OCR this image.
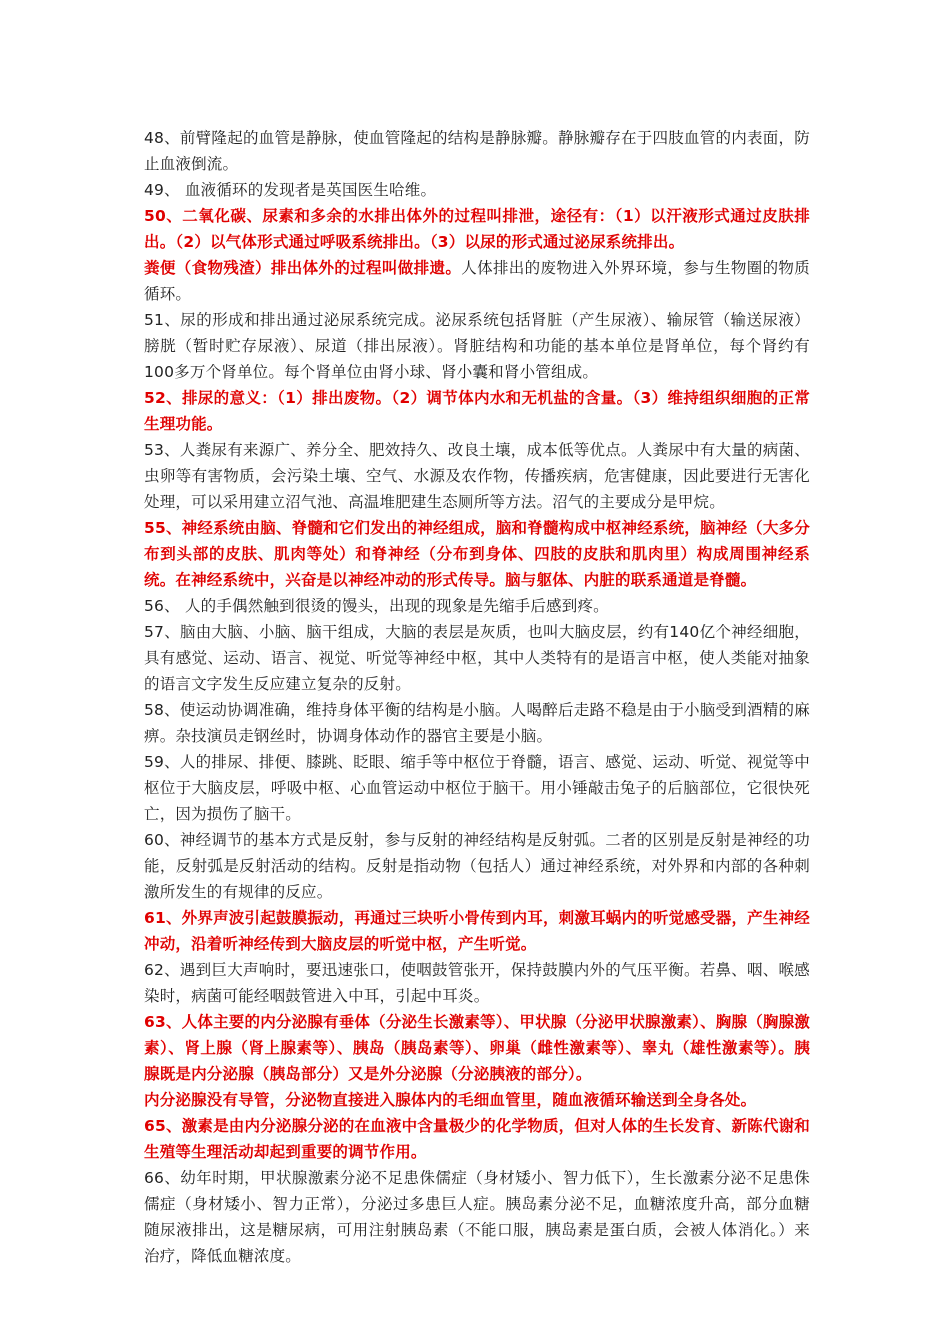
48、前臂隆起的血管是静脉，使血管隆起的结构是静脉瓣。静脉瓣存在于四肢血管的内表面，防止血液倒流。

49、 血液循环的发现者是英国医生哈维。

50、二氧化碳、尿素和多余的水排出体外的过程叫排泄，途径有：（1）以汗液形式通过皮肤排出。（2）以气体形式通过呼吸系统排出。（3）以尿的形式通过泌尿系统排出。

粪便（食物残渣）排出体外的过程叫做排遗。人体排出的废物进入外界环境，参与生物圈的物质循环。

51、尿的形成和排出通过泌尿系统完成。泌尿系统包括肾脏（产生尿液）、输尿管（输送尿液）膀胱（暂时贮存尿液）、尿道（排出尿液）。肾脏结构和功能的基本单位是肾单位，每个肾约有100多万个肾单位。每个肾单位由肾小球、肾小囊和肾小管组成。

52、排尿的意义：（1）排出废物。（2）调节体内水和无机盐的含量。（3）维持组织细胞的正常生理功能。

53、人粪尿有来源广、养分全、肥效持久、改良土壤，成本低等优点。人粪尿中有大量的病菌、虫卵等有害物质，会污染土壤、空气、水源及农作物，传播疾病，危害健康，因此要进行无害化处理，可以采用建立沼气池、高温堆肥建生态厕所等方法。沼气的主要成分是甲烷。

55、神经系统由脑、脊髓和它们发出的神经组成，脑和脊髓构成中枢神经系统，脑神经（大多分布到头部的皮肤、肌肉等处）和脊神经（分布到身体、四肢的皮肤和肌肉里）构成周围神经系统。在神经系统中，兴奋是以神经冲动的形式传导。脑与躯体、内脏的联系通道是脊髓。

56、 人的手偶然触到很烫的馒头，出现的现象是先缩手后感到疼。

57、脑由大脑、小脑、脑干组成，大脑的表层是灰质，也叫大脑皮层，约有140亿个神经细胞，具有感觉、运动、语言、视觉、听觉等神经中枢，其中人类特有的是语言中枢，使人类能对抽象的语言文字发生反应建立复杂的反射。

58、使运动协调准确，维持身体平衡的结构是小脑。人喝醉后走路不稳是由于小脑受到酒精的麻痹。杂技演员走钢丝时，协调身体动作的器官主要是小脑。

59、人的排尿、排便、膝跳、眨眼、缩手等中枢位于脊髓，语言、感觉、运动、听觉、视觉等中枢位于大脑皮层，呼吸中枢、心血管运动中枢位于脑干。用小锤敲击兔子的后脑部位，它很快死亡，因为损伤了脑干。

60、神经调节的基本方式是反射，参与反射的神经结构是反射弧。二者的区别是反射是神经的功能，反射弧是反射活动的结构。反射是指动物（包括人）通过神经系统，对外界和内部的各种刺激所发生的有规律的反应。

61、外界声波引起鼓膜振动，再通过三块听小骨传到内耳，刺激耳蜗内的听觉感受器，产生神经冲动，沿着听神经传到大脑皮层的听觉中枢，产生听觉。

62、遇到巨大声响时，要迅速张口，使咽鼓管张开，保持鼓膜内外的气压平衡。若鼻、咽、喉感染时，病菌可能经咽鼓管进入中耳，引起中耳炎。

63、人体主要的内分泌腺有垂体（分泌生长激素等）、甲状腺（分泌甲状腺激素）、胸腺（胸腺激素）、肾上腺（肾上腺素等）、胰岛（胰岛素等）、卵巢（雌性激素等）、睾丸（雄性激素等）。胰腺既是内分泌腺（胰岛部分）又是外分泌腺（分泌胰液的部分）。

内分泌腺没有导管，分泌物直接进入腺体内的毛细血管里，随血液循环输送到全身各处。

65、激素是由内分泌腺分泌的在血液中含量极少的化学物质，但对人体的生长发育、新陈代谢和生殖等生理活动却起到重要的调节作用。

66、幼年时期，甲状腺激素分泌不足患侏儒症（身材矮小、智力低下），生长激素分泌不足患侏儒症（身材矮小、智力正常），分泌过多患巨人症。胰岛素分泌不足，血糖浓度升高，部分血糖随尿液排出，这是糖尿病，可用注射胰岛素（不能口服，胰岛素是蛋白质，会被人体消化。）来治疗，降低血糖浓度。
